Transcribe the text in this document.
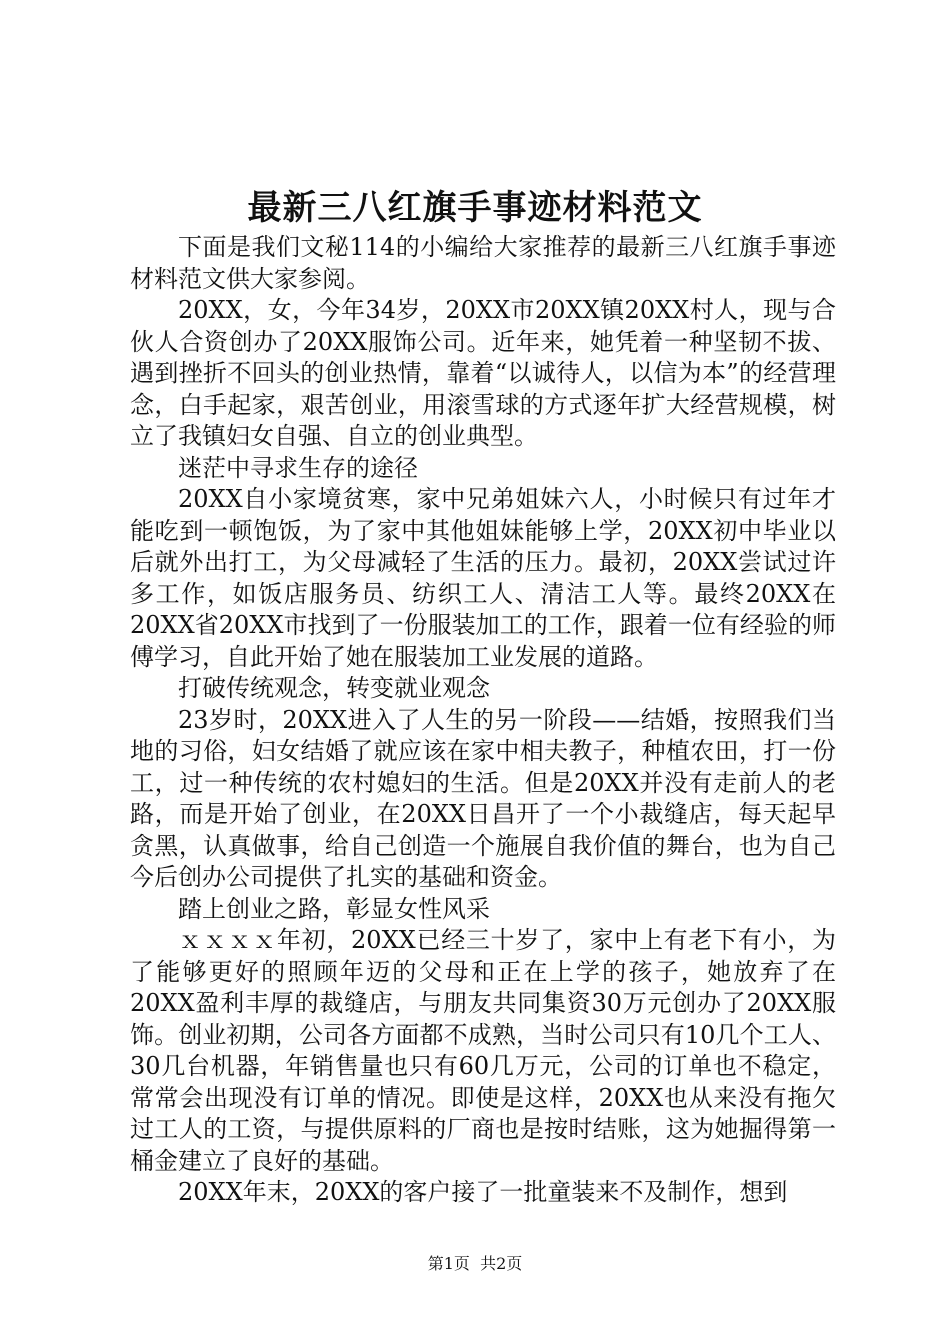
最新三八红旗手事迹材料范文

下面是我们文秘114的小编给大家推荐的最新三八红旗手事迹材料范文供大家参阅。

20XX，女，今年34岁，20XX市20XX镇20XX村人，现与合伙人合资创办了20XX服饰公司。近年来，她凭着一种坚韧不拔、遇到挫折不回头的创业热情，靠着“以诚待人，以信为本”的经营理念，白手起家，艰苦创业，用滚雪球的方式逐年扩大经营规模，树立了我镇妇女自强、自立的创业典型。

迷茫中寻求生存的途径

20XX自小家境贫寒，家中兄弟姐妹六人，小时候只有过年才能吃到一顿饱饭，为了家中其他姐妹能够上学，20XX初中毕业以后就外出打工，为父母减轻了生活的压力。最初，20XX尝试过许多工作，如饭店服务员、纺织工人、清洁工人等。最终20XX在20XX省20XX市找到了一份服装加工的工作，跟着一位有经验的师傅学习，自此开始了她在服装加工业发展的道路。

打破传统观念，转变就业观念

23岁时，20XX进入了人生的另一阶段——结婚，按照我们当地的习俗，妇女结婚了就应该在家中相夫教子，种植农田，打一份工，过一种传统的农村媳妇的生活。但是20XX并没有走前人的老路，而是开始了创业，在20XX日昌开了一个小裁缝店，每天起早贪黑，认真做事，给自己创造一个施展自我价值的舞台，也为自己今后创办公司提供了扎实的基础和资金。

踏上创业之路，彰显女性风采

ｘｘｘｘ年初，20XX已经三十岁了，家中上有老下有小，为了能够更好的照顾年迈的父母和正在上学的孩子，她放弃了在20XX盈利丰厚的裁缝店，与朋友共同集资30万元创办了20XX服饰。创业初期，公司各方面都不成熟，当时公司只有10几个工人、30几台机器，年销售量也只有60几万元，公司的订单也不稳定，常常会出现没有订单的情况。即使是这样，20XX也从来没有拖欠过工人的工资，与提供原料的厂商也是按时结账，这为她掘得第一桶金建立了良好的基础。

20XX年末，20XX的客户接了一批童装来不及制作，想到

第1页  共2页
